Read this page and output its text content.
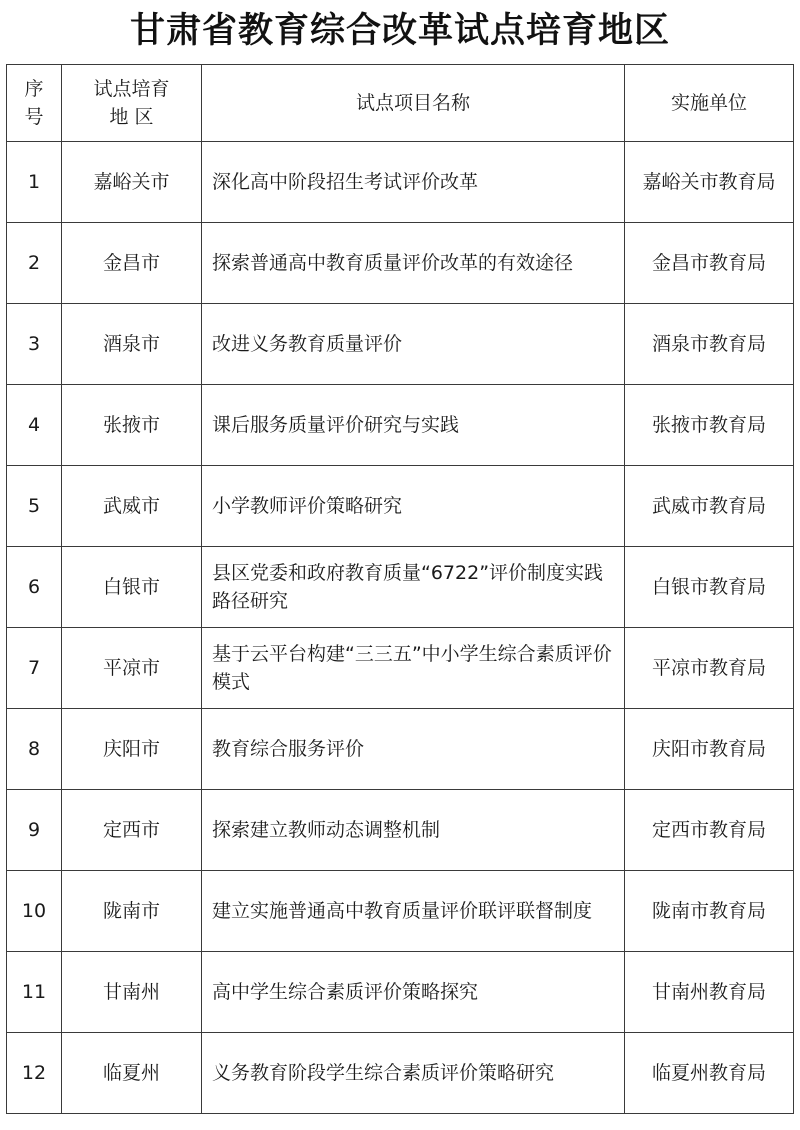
甘肃省教育综合改革试点培育地区
序号	试点培育地 区	试点项目名称	实施单位
1	嘉峪关市	深化高中阶段招生考试评价改革	嘉峪关市教育局
2	金昌市	探索普通高中教育质量评价改革的有效途径	金昌市教育局
3	酒泉市	改进义务教育质量评价	酒泉市教育局
4	张掖市	课后服务质量评价研究与实践	张掖市教育局
5	武威市	小学教师评价策略研究	武威市教育局
6	白银市	县区党委和政府教育质量“6722”评价制度实践路径研究	白银市教育局
7	平凉市	基于云平台构建“三三五”中小学生综合素质评价模式	平凉市教育局
8	庆阳市	教育综合服务评价	庆阳市教育局
9	定西市	探索建立教师动态调整机制	定西市教育局
10	陇南市	建立实施普通高中教育质量评价联评联督制度	陇南市教育局
11	甘南州	高中学生综合素质评价策略探究	甘南州教育局
12	临夏州	义务教育阶段学生综合素质评价策略研究	临夏州教育局
